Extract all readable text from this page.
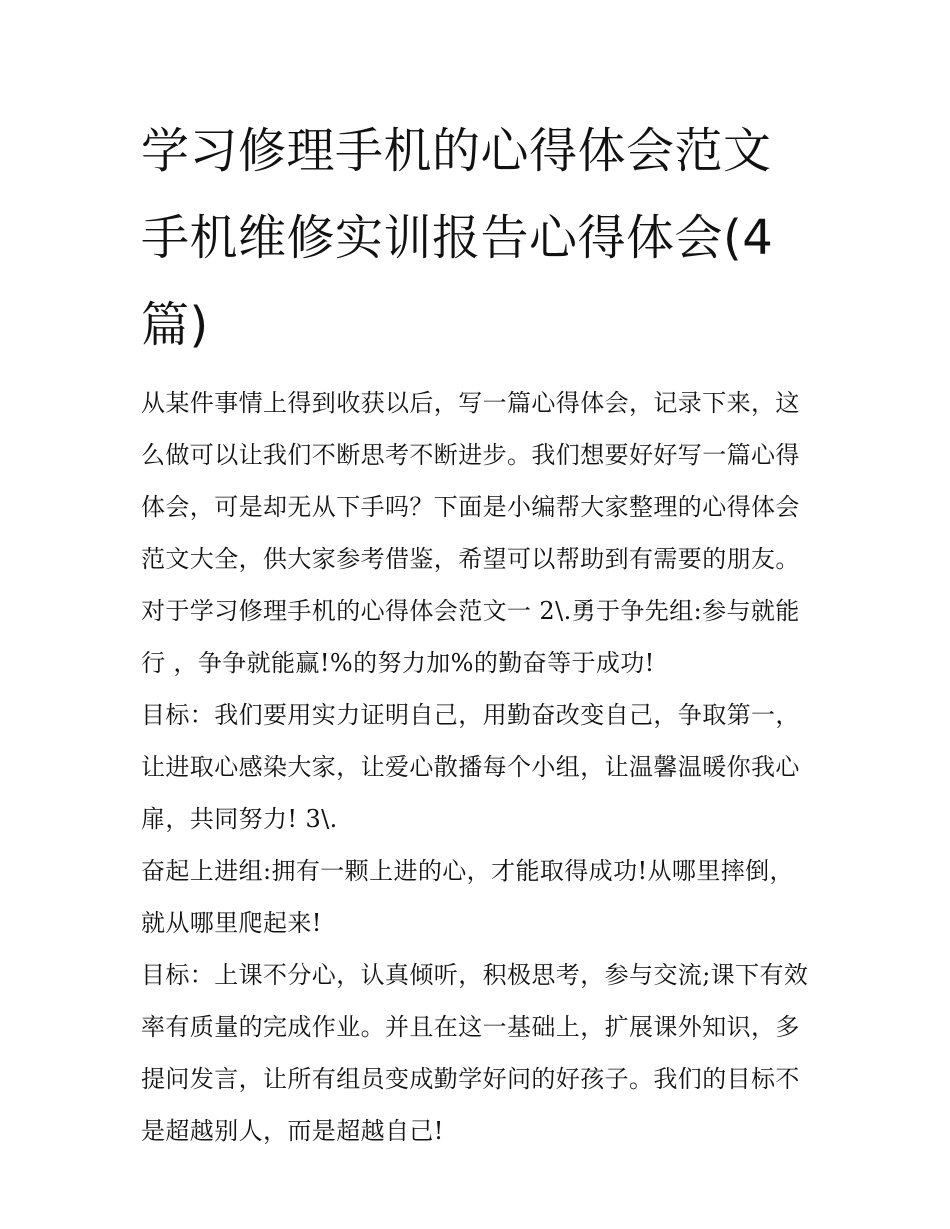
学习修理手机的心得体会范文手机维修实训报告心得体会(4篇)

从某件事情上得到收获以后，写一篇心得体会，记录下来，这么做可以让我们不断思考不断进步。我们想要好好写一篇心得体会，可是却无从下手吗？下面是小编帮大家整理的心得体会范文大全，供大家参考借鉴，希望可以帮助到有需要的朋友。

对于学习修理手机的心得体会范文一 2\.勇于争先组:参与就能行 ，争争就能赢!%的努力加%的勤奋等于成功!

目标：我们要用实力证明自己，用勤奋改变自己，争取第一，让进取心感染大家，让爱心散播每个小组，让温馨温暖你我心扉，共同努力! 3\.

奋起上进组:拥有一颗上进的心，才能取得成功!从哪里摔倒，就从哪里爬起来!

目标：上课不分心，认真倾听，积极思考，参与交流;课下有效率有质量的完成作业。并且在这一基础上，扩展课外知识，多提问发言，让所有组员变成勤学好问的好孩子。我们的目标不是超越别人，而是超越自己!
